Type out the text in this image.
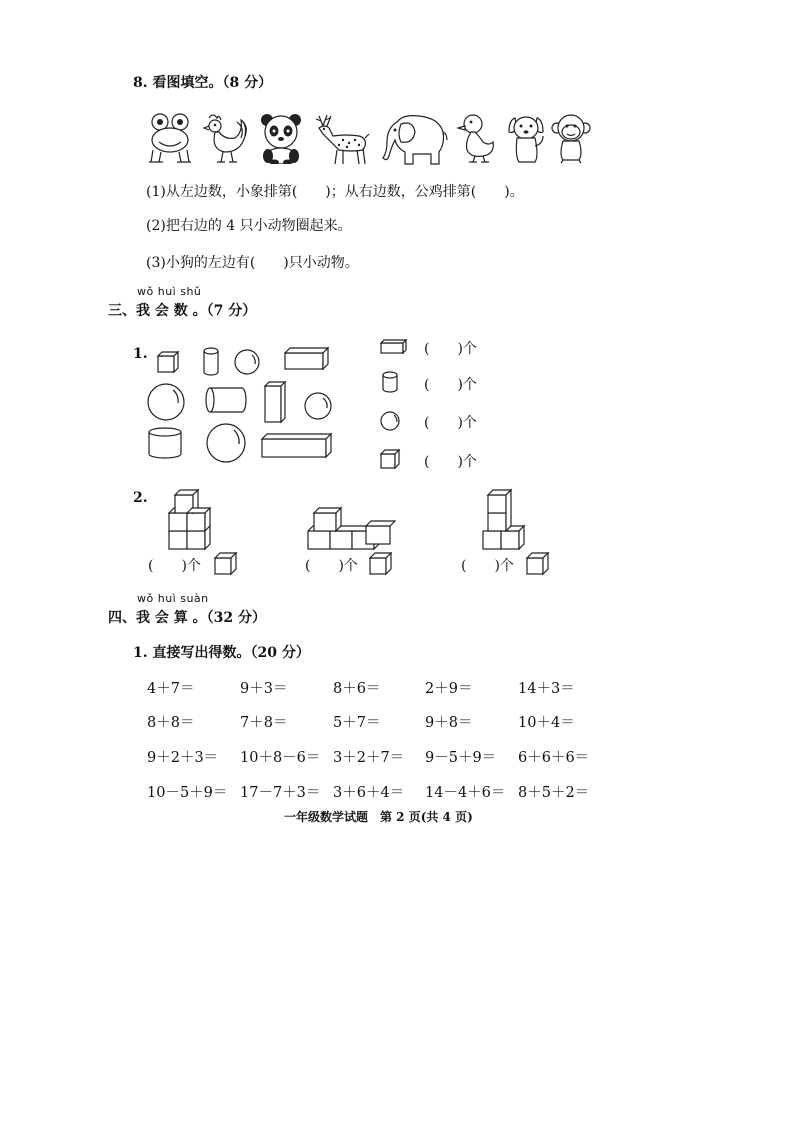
8. 看图填空。（8 分）
(1)从左边数，小象排第(　　)；从右边数，公鸡排第(　　)。
(2)把右边的 4 只小动物圈起来。
(3)小狗的左边有(　　)只小动物。
wǒ huì shǔ
三、我 会 数 。（7 分）
1.	(　　)个
(　　)个
(　　)个
(　　)个
2.
(　　)个	(　　)个	(　　)个
wǒ huì suàn
四、我 会 算 。（32 分）
1. 直接写出得数。（20 分）
4＋7＝	9＋3＝	8＋6＝	2＋9＝	14＋3＝
8＋8＝	7＋8＝	5＋7＝	9＋8＝	10＋4＝
9＋2＋3＝ 10＋8－6＝ 3＋2＋7＝ 9－5＋9＝ 6＋6＋6＝
10－5＋9＝ 17－7＋3＝ 3＋6＋4＝ 14－4＋6＝ 8＋5＋2＝
一年级数学试题　第 2 页(共 4 页)
